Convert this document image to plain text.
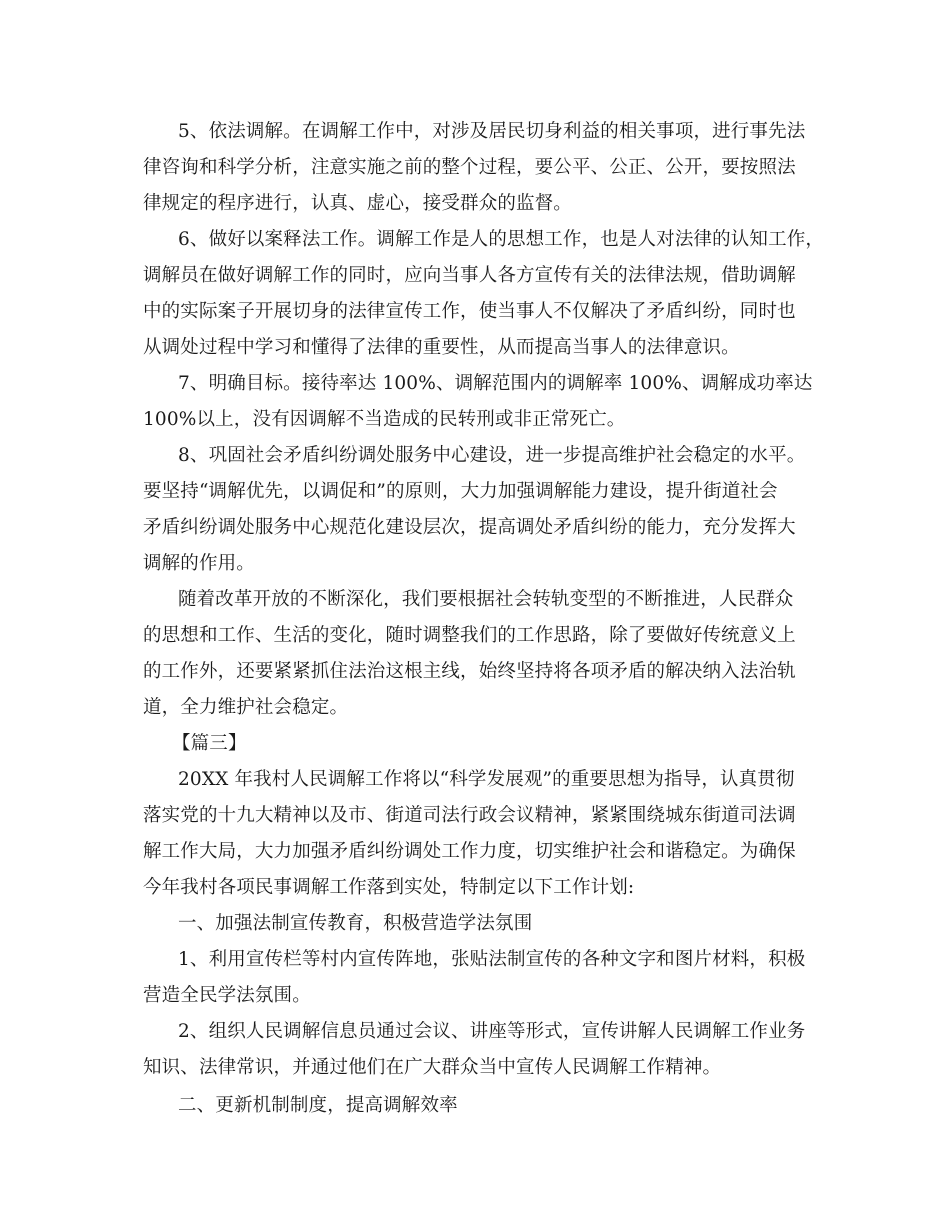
5、依法调解。在调解工作中，对涉及居民切身利益的相关事项，进行事先法
律咨询和科学分析，注意实施之前的整个过程，要公平、公正、公开，要按照法
律规定的程序进行，认真、虚心，接受群众的监督。
6、做好以案释法工作。调解工作是人的思想工作，也是人对法律的认知工作，
调解员在做好调解工作的同时，应向当事人各方宣传有关的法律法规，借助调解
中的实际案子开展切身的法律宣传工作，使当事人不仅解决了矛盾纠纷，同时也
从调处过程中学习和懂得了法律的重要性，从而提高当事人的法律意识。
7、明确目标。接待率达 100%、调解范围内的调解率 100%、调解成功率达
100%以上，没有因调解不当造成的民转刑或非正常死亡。
8、巩固社会矛盾纠纷调处服务中心建设，进一步提高维护社会稳定的水平。
要坚持“调解优先，以调促和”的原则，大力加强调解能力建设，提升街道社会
矛盾纠纷调处服务中心规范化建设层次，提高调处矛盾纠纷的能力，充分发挥大
调解的作用。
随着改革开放的不断深化，我们要根据社会转轨变型的不断推进，人民群众
的思想和工作、生活的变化，随时调整我们的工作思路，除了要做好传统意义上
的工作外，还要紧紧抓住法治这根主线，始终坚持将各项矛盾的解决纳入法治轨
道，全力维护社会稳定。
【篇三】
20XX 年我村人民调解工作将以“科学发展观”的重要思想为指导，认真贯彻
落实党的十九大精神以及市、街道司法行政会议精神，紧紧围绕城东街道司法调
解工作大局，大力加强矛盾纠纷调处工作力度，切实维护社会和谐稳定。为确保
今年我村各项民事调解工作落到实处，特制定以下工作计划:
一、加强法制宣传教育，积极营造学法氛围
1、利用宣传栏等村内宣传阵地，张贴法制宣传的各种文字和图片材料，积极
营造全民学法氛围。
2、组织人民调解信息员通过会议、讲座等形式，宣传讲解人民调解工作业务
知识、法律常识，并通过他们在广大群众当中宣传人民调解工作精神。
二、更新机制制度，提高调解效率
